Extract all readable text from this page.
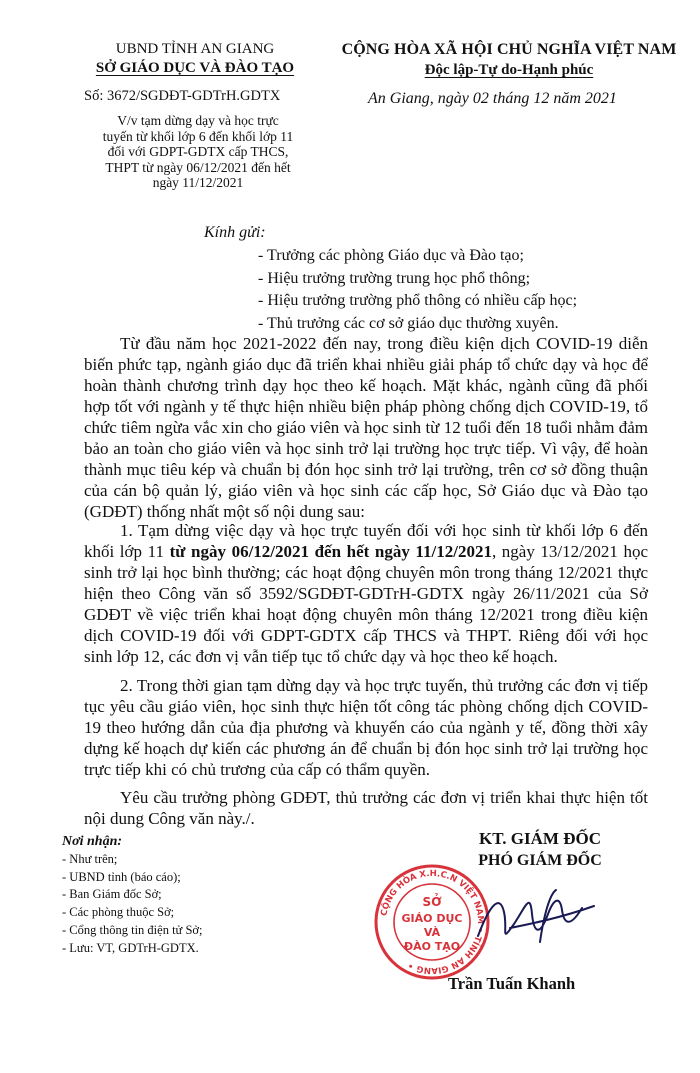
UBND TỈNH AN GIANG
SỞ GIÁO DỤC VÀ ĐÀO TẠO
CỘNG HÒA XÃ HỘI CHỦ NGHĨA VIỆT NAM
Độc lập-Tự do-Hạnh phúc
Số: 3672/SGDĐT-GDTrH.GDTX	An Giang, ngày 02 tháng 12 năm 2021
V/v tạm dừng dạy và học trực
tuyến từ khối lớp 6 đến khối lớp 11
đối với GDPT-GDTX cấp THCS,
THPT từ ngày 06/12/2021 đến hết
ngày 11/12/2021
Kính gửi:
- Trưởng các phòng Giáo dục và Đào tạo;
- Hiệu trưởng trường trung học phổ thông;
- Hiệu trưởng trường phổ thông có nhiều cấp học;
- Thủ trưởng các cơ sở giáo dục thường xuyên.

Từ đầu năm học 2021-2022 đến nay, trong điều kiện dịch COVID-19 diễn biến phức tạp, ngành giáo dục đã triển khai nhiều giải pháp tổ chức dạy và học để hoàn thành chương trình dạy học theo kế hoạch. Mặt khác, ngành cũng đã phối hợp tốt với ngành y tế thực hiện nhiều biện pháp phòng chống dịch COVID-19, tổ chức tiêm ngừa vắc xin cho giáo viên và học sinh từ 12 tuổi đến 18 tuổi nhằm đảm bảo an toàn cho giáo viên và học sinh trở lại trường học trực tiếp. Vì vậy, để hoàn thành mục tiêu kép và chuẩn bị đón học sinh trở lại trường, trên cơ sở đồng thuận của cán bộ quản lý, giáo viên và học sinh các cấp học, Sở Giáo dục và Đào tạo (GDĐT) thống nhất một số nội dung sau:

1. Tạm dừng việc dạy và học trực tuyến đối với học sinh từ khối lớp 6 đến khối lớp 11 từ ngày 06/12/2021 đến hết ngày 11/12/2021, ngày 13/12/2021 học sinh trở lại học bình thường; các hoạt động chuyên môn trong tháng 12/2021 thực hiện theo Công văn số 3592/SGDĐT-GDTrH-GDTX ngày 26/11/2021 của Sở GDĐT về việc triển khai hoạt động chuyên môn tháng 12/2021 trong điều kiện dịch COVID-19 đối với GDPT-GDTX cấp THCS và THPT. Riêng đối với học sinh lớp 12, các đơn vị vẫn tiếp tục tổ chức dạy và học theo kế hoạch.

2. Trong thời gian tạm dừng dạy và học trực tuyến, thủ trưởng các đơn vị tiếp tục yêu cầu giáo viên, học sinh thực hiện tốt công tác phòng chống dịch COVID-19 theo hướng dẫn của địa phương và khuyến cáo của ngành y tế, đồng thời xây dựng kế hoạch dự kiến các phương án để chuẩn bị đón học sinh trở lại trường học trực tiếp khi có chủ trương của cấp có thẩm quyền.

Yêu cầu trưởng phòng GDĐT, thủ trưởng các đơn vị triển khai thực hiện tốt nội dung Công văn này./.

Nơi nhận:
- Như trên;
- UBND tỉnh (báo cáo);
- Ban Giám đốc Sở;
- Các phòng thuộc Sở;
- Cổng thông tin điện tử Sở;
- Lưu: VT, GDTrH-GDTX.
KT. GIÁM ĐỐC
PHÓ GIÁM ĐỐC
CỘNG HÒA X.H.C.N VIỆT NAM • TỈNH AN GIANG •
SỞ
GIÁO DỤC
VÀ
ĐÀO TẠO
Trần Tuấn Khanh
